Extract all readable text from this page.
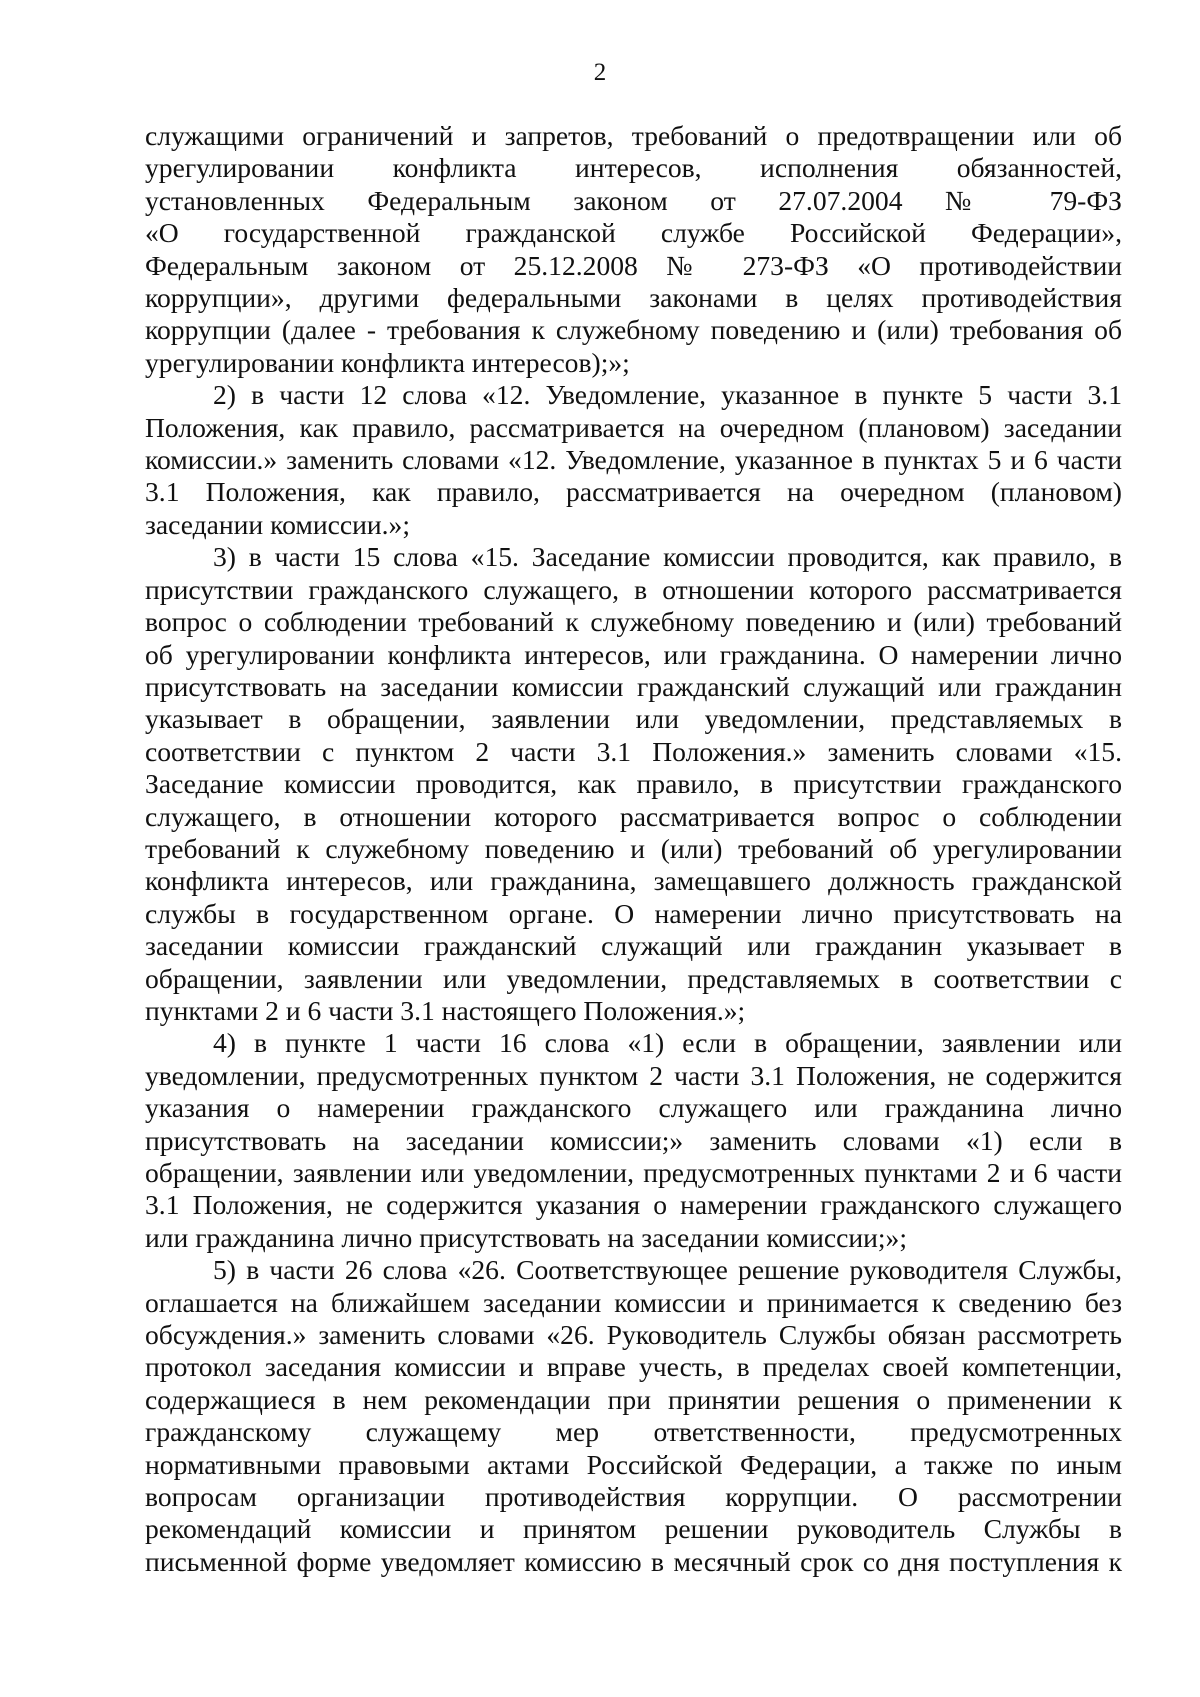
2
служащими ограничений и запретов, требований о предотвращении или об
урегулировании конфликта интересов, исполнения обязанностей,
установленных Федеральным законом от 27.07.2004 № 79-ФЗ
«О государственной гражданской службе Российской Федерации»,
Федеральным законом от 25.12.2008 № 273-ФЗ «О противодействии
коррупции», другими федеральными законами в целях противодействия
коррупции (далее - требования к служебному поведению и (или) требования об
урегулировании конфликта интересов);»;
2) в части 12 слова «12. Уведомление, указанное в пункте 5 части 3.1
Положения, как правило, рассматривается на очередном (плановом) заседании
комиссии.» заменить словами «12. Уведомление, указанное в пунктах 5 и 6 части
3.1 Положения, как правило, рассматривается на очередном (плановом)
заседании комиссии.»;
3) в части 15 слова «15. Заседание комиссии проводится, как правило, в
присутствии гражданского служащего, в отношении которого рассматривается
вопрос о соблюдении требований к служебному поведению и (или) требований
об урегулировании конфликта интересов, или гражданина. О намерении лично
присутствовать на заседании комиссии гражданский служащий или гражданин
указывает в обращении, заявлении или уведомлении, представляемых в
соответствии с пунктом 2 части 3.1 Положения.» заменить словами «15.
Заседание комиссии проводится, как правило, в присутствии гражданского
служащего, в отношении которого рассматривается вопрос о соблюдении
требований к служебному поведению и (или) требований об урегулировании
конфликта интересов, или гражданина, замещавшего должность гражданской
службы в государственном органе. О намерении лично присутствовать на
заседании комиссии гражданский служащий или гражданин указывает в
обращении, заявлении или уведомлении, представляемых в соответствии с
пунктами 2 и 6 части 3.1 настоящего Положения.»;
4) в пункте 1 части 16 слова «1) если в обращении, заявлении или
уведомлении, предусмотренных пунктом 2 части 3.1 Положения, не содержится
указания о намерении гражданского служащего или гражданина лично
присутствовать на заседании комиссии;» заменить словами «1) если в
обращении, заявлении или уведомлении, предусмотренных пунктами 2 и 6 части
3.1 Положения, не содержится указания о намерении гражданского служащего
или гражданина лично присутствовать на заседании комиссии;»;
5) в части 26 слова «26. Соответствующее решение руководителя Службы,
оглашается на ближайшем заседании комиссии и принимается к сведению без
обсуждения.» заменить словами «26. Руководитель Службы обязан рассмотреть
протокол заседания комиссии и вправе учесть, в пределах своей компетенции,
содержащиеся в нем рекомендации при принятии решения о применении к
гражданскому служащему мер ответственности, предусмотренных
нормативными правовыми актами Российской Федерации, а также по иным
вопросам организации противодействия коррупции. О рассмотрении
рекомендаций комиссии и принятом решении руководитель Службы в
письменной форме уведомляет комиссию в месячный срок со дня поступления к
